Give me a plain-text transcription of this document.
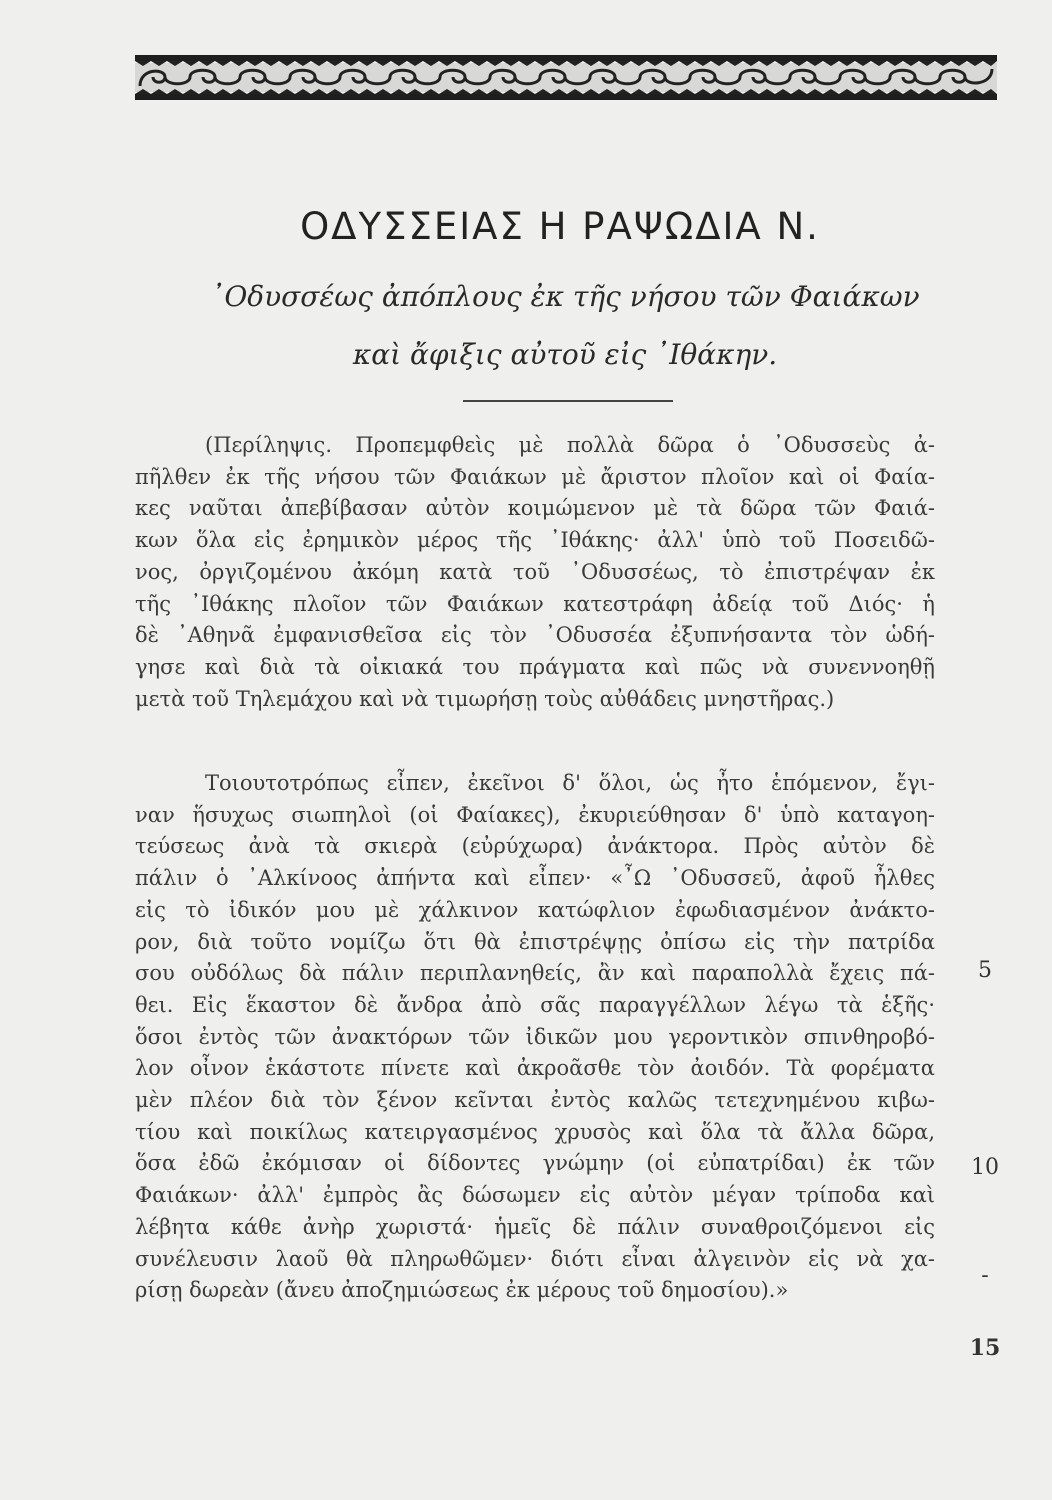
ΟΔΥΣΣΕΙΑΣ Η ΡΑΨΩΔΙΑ Ν.

᾿Οδυσσέως ἀπόπλους ἐκ τῆς νήσου τῶν Φαιάκων

καὶ ἄφιξις αὐτοῦ εἰς ᾿Ιθάκην.

(Περίληψις. Προπεμφθεὶς μὲ πολλὰ δῶρα ὁ ᾿Οδυσσεὺς ἀ-
πῆλθεν ἐκ τῆς νήσου τῶν Φαιάκων μὲ ἄριστον πλοῖον καὶ οἱ Φαία-
κες ναῦται ἀπεβίβασαν αὐτὸν κοιμώμενον μὲ τὰ δῶρα τῶν Φαιά-
κων ὅλα εἰς ἐρημικὸν μέρος τῆς ᾿Ιθάκης· ἀλλ' ὑπὸ τοῦ Ποσειδῶ-
νος, ὀργιζομένου ἀκόμη κατὰ τοῦ ᾿Οδυσσέως, τὸ ἐπιστρέψαν ἐκ
τῆς ᾿Ιθάκης πλοῖον τῶν Φαιάκων κατεστράφη ἀδείᾳ τοῦ Διός· ἡ
δὲ ᾿Αθηνᾶ ἐμφανισθεῖσα εἰς τὸν ᾿Οδυσσέα ἐξυπνήσαντα τὸν ὡδή-
γησε καὶ διὰ τὰ οἰκιακά του πράγματα καὶ πῶς νὰ συνεννοηθῇ
μετὰ τοῦ Τηλεμάχου καὶ νὰ τιμωρήσῃ τοὺς αὐθάδεις μνηστῆρας.)
Τοιουτοτρόπως εἶπεν, ἐκεῖνοι δ' ὅλοι, ὡς ἦτο ἑπόμενον, ἔγι-
ναν ἥσυχως σιωπηλοὶ (οἱ Φαίακες), ἐκυριεύθησαν δ' ὑπὸ καταγοη-
τεύσεως ἀνὰ τὰ σκιερὰ (εὐρύχωρα) ἀνάκτορα. Πρὸς αὐτὸν δὲ
πάλιν ὁ ᾿Αλκίνοος ἀπήντα καὶ εἶπεν· «῏Ω ᾿Οδυσσεῦ, ἀφοῦ ἦλθες
εἰς τὸ ἰδικόν μου μὲ χάλκινον κατώφλιον ἐφωδιασμένον ἀνάκτο-
ρον, διὰ τοῦτο νομίζω ὅτι θὰ ἐπιστρέψῃς ὀπίσω εἰς τὴν πατρίδα
σου οὐδόλως δὰ πάλιν περιπλανηθείς, ἂν καὶ παραπολλὰ ἔχεις πά-
θει. Εἰς ἕκαστον δὲ ἄνδρα ἀπὸ σᾶς παραγγέλλων λέγω τὰ ἑξῆς·
ὅσοι ἐντὸς τῶν ἀνακτόρων τῶν ἰδικῶν μου γεροντικὸν σπινθηροβό-
λον οἶνον ἑκάστοτε πίνετε καὶ ἀκροᾶσθε τὸν ἀοιδόν. Τὰ φορέματα
μὲν πλέον διὰ τὸν ξένον κεῖνται ἐντὸς καλῶς τετεχνημένου κιβω-
τίου καὶ ποικίλως κατειργασμένος χρυσὸς καὶ ὅλα τὰ ἄλλα δῶρα,
ὅσα ἐδῶ ἐκόμισαν οἱ δίδοντες γνώμην (οἱ εὐπατρίδαι) ἐκ τῶν
Φαιάκων· ἀλλ' ἐμπρὸς ἂς δώσωμεν εἰς αὐτὸν μέγαν τρίποδα καὶ
λέβητα κάθε ἀνὴρ χωριστά· ἡμεῖς δὲ πάλιν συναθροιζόμενοι εἰς
συνέλευσιν λαοῦ θὰ πληρωθῶμεν· διότι εἶναι ἀλγεινὸν εἰς νὰ χα-
ρίσῃ δωρεὰν (ἄνευ ἀποζημιώσεως ἐκ μέρους τοῦ δημοσίου).»
5
10
-
15
